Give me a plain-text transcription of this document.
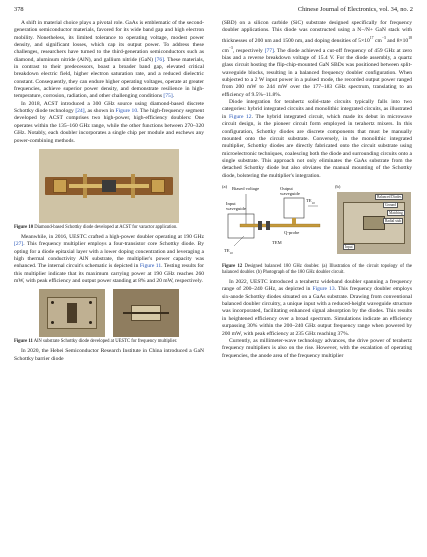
378	Chinese Journal of Electronics, vol. 34, no. 2

A shift in material choice plays a pivotal role. GaAs is emblematic of the second-generation semiconductor materials, favored for its wide band gap and high electron mobility. Nonetheless, its limited tolerance to operating voltage, modest power density, and significant losses, which cap its output power. To address these challenges, researchers have turned to the third-generation semiconductors such as diamond, aluminum nitride (AlN), and gallium nitride (GaN) [76]. These materials, in contrast to their predecessors, boast a broader band gap, elevated critical breakdown electric field, higher electron saturation rate, and a reduced dielectric constant. Consequently, they can endure higher operating voltages, operate at greater frequencies, achieve superior power density, and demonstrate resilience in high-temperature, corrosion, radiation, and other challenging conditions [75].

In 2018, ACST introduced a 300 GHz source using diamond-based discrete Schottky diode technology [24], as shown in Figure 10. The high-frequency segment developed by ACST comprises two high-power, high-efficiency doublers: One operates within the 135–160 GHz range, while the other functions between 270–320 GHz. Notably, each doubler incorporates a single chip per module and eschews any power-combining methods.

Figure 10 Diamond-based Schottky diode developed at ACST for varactor application.

Meanwhile, in 2016, UESTC crafted a high-power doubler operating at 190 GHz [27]. This frequency multiplier employs a four-transistor core Schottky diode. By opting for a diode epitaxial layer with a lower doping concentration and leveraging a high thermal conductivity AlN substrate, the multiplier's power capacity was enhanced. The internal circuit's schematic is depicted in Figure 11. Testing results for this multiplier indicate that its maximum carrying power at 190 GHz reaches 260 mW, with peak efficiency and output power standing at 8% and 20 mW, respectively.

Figure 11 AlN substrate Schottky diode developed at UESTC for frequency multiplier.

In 2020, the Hebei Semiconductor Research Institute in China introduced a GaN Schottky barrier diode

(SBD) on a silicon carbide (SiC) substrate designed specifically for frequency doubler applications. This diode was constructed using a N−/N+ GaN stack with thicknesses of 200 nm and 1500 nm, and doping densities of $5\times 10^{17}$ $cm^{-3}$ and $8\times 10^{18}$ $cm^{-3}$, respectively [77]. The diode achieved a cut-off frequency of 459 GHz at zero bias and a reverse breakdown voltage of 15.4 V. For the diode assembly, a quartz glass circuit hosting the flip-chip-mounted GaN SBDs was positioned between split-waveguide blocks, resulting in a balanced frequency doubler configuration. When subjected to a 2 W input power in a pulsed mode, the recorded output power ranged from 200 mW to 244 mW over the 177–183 GHz spectrum, translating to an efficiency of 9.5%–11.8%.

Diode integration for terahertz solid-state circuits typically falls into two categories: hybrid integrated circuits and monolithic integrated circuits, as illustrated in Figure 12. The hybrid integrated circuit, which made its debut in microwave circuit design, is the pioneer circuit form employed in terahertz mixers. In this configuration, Schottky diodes are discrete components that must be manually mounted onto the circuit substrate. Conversely, in the monolithic integrated multiplier, Schottky diodes are directly fabricated onto the circuit substrate using microelectronic techniques, coalescing both the diode and surrounding circuits onto a single substrate. This approach not only eliminates the GaAs substrate from the detached Schottky diode but also obviates the manual mounting of the Schottky diode, bolstering the multiplier's integration.

(a) Biased voltage
Input waveguide
Output waveguide
$TE_{10}$
$TE_{10}$
TEM
Q-probe
(b)
Balanced Diodes
Ground
Matching
Radial stub
Input
Figure 12 Designed balanced 180 GHz doubler. (a) Illustration of the circuit topology of the balanced doubler. (b) Photograph of the 180 GHz doubler circuit.

In 2022, UESTC introduced a terahertz wideband doubler spanning a frequency range of 200–240 GHz, as depicted in Figure 13. This frequency doubler employs six-anode Schottky diodes situated on a GaAs substrate. Drawing from conventional balanced doubler circuitry, a unique input with a reduced-height waveguide structure was incorporated, facilitating enhanced signal absorption by the diodes. This results in heightened efficiency over a broad spectrum. Simulations indicate an efficiency surpassing 30% within the 200–240 GHz output frequency range when powered by 200 mW, with peak efficiency at 235 GHz reaching 37%.

Currently, as millimeter-wave technology advances, the drive power of terahertz frequency multipliers is also on the rise. However, with the escalation of operating frequencies, the anode area of the frequency multiplier
